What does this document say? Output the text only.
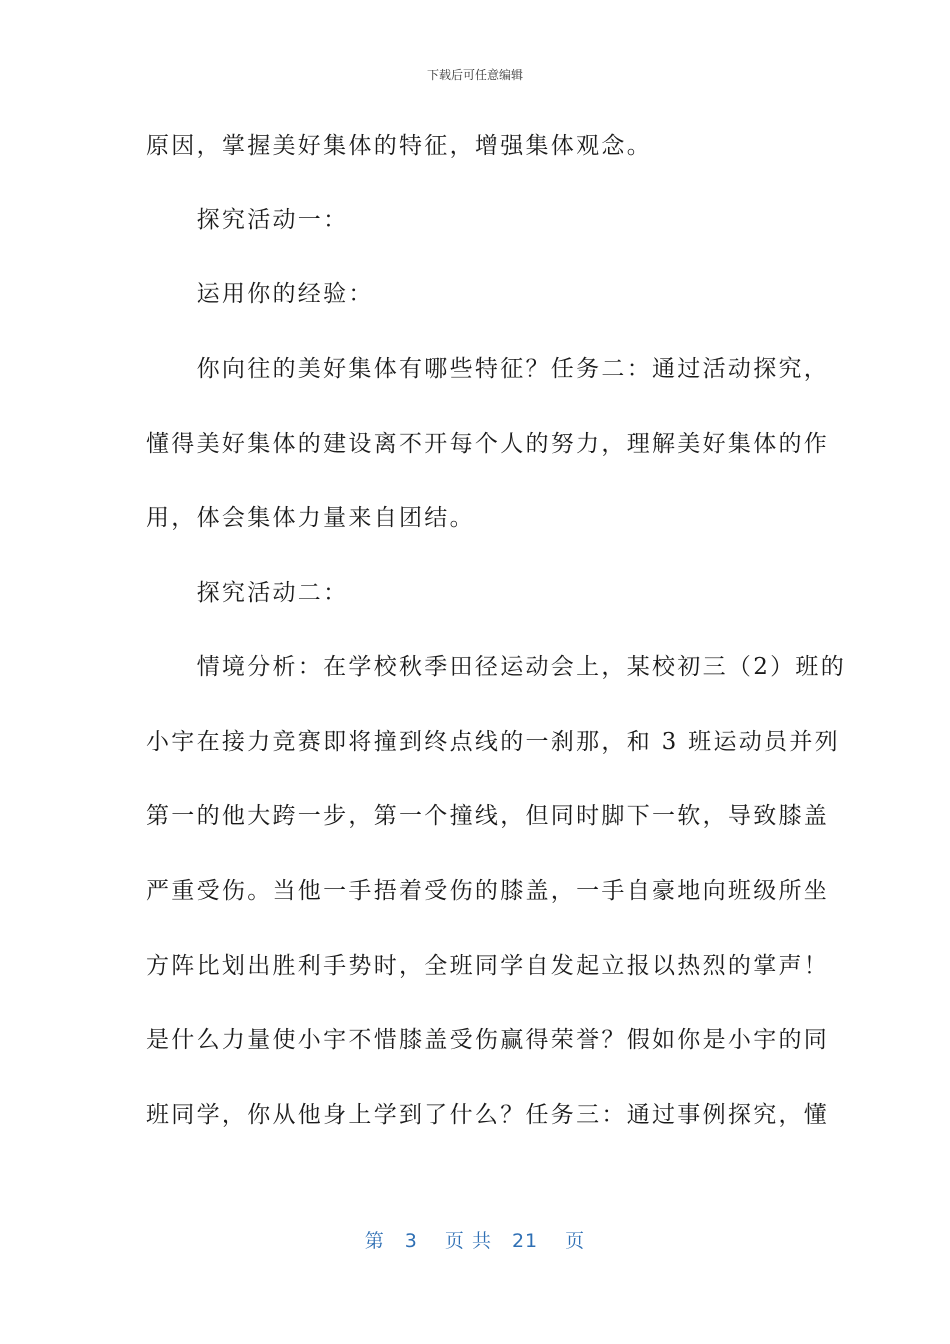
下载后可任意编辑
原因，掌握美好集体的特征，增强集体观念。
　　探究活动一：
　　运用你的经验：
　　你向往的美好集体有哪些特征？任务二：通过活动探究，
懂得美好集体的建设离不开每个人的努力，理解美好集体的作
用，体会集体力量来自团结。
　　探究活动二：
　　情境分析：在学校秋季田径运动会上，某校初三（2）班的
小宇在接力竞赛即将撞到终点线的一刹那，和 3 班运动员并列
第一的他大跨一步，第一个撞线，但同时脚下一软，导致膝盖
严重受伤。当他一手捂着受伤的膝盖，一手自豪地向班级所坐
方阵比划出胜利手势时，全班同学自发起立报以热烈的掌声！
是什么力量使小宇不惜膝盖受伤赢得荣誉？假如你是小宇的同
班同学，你从他身上学到了什么？任务三：通过事例探究，懂
第　3　 页 共　21　 页
